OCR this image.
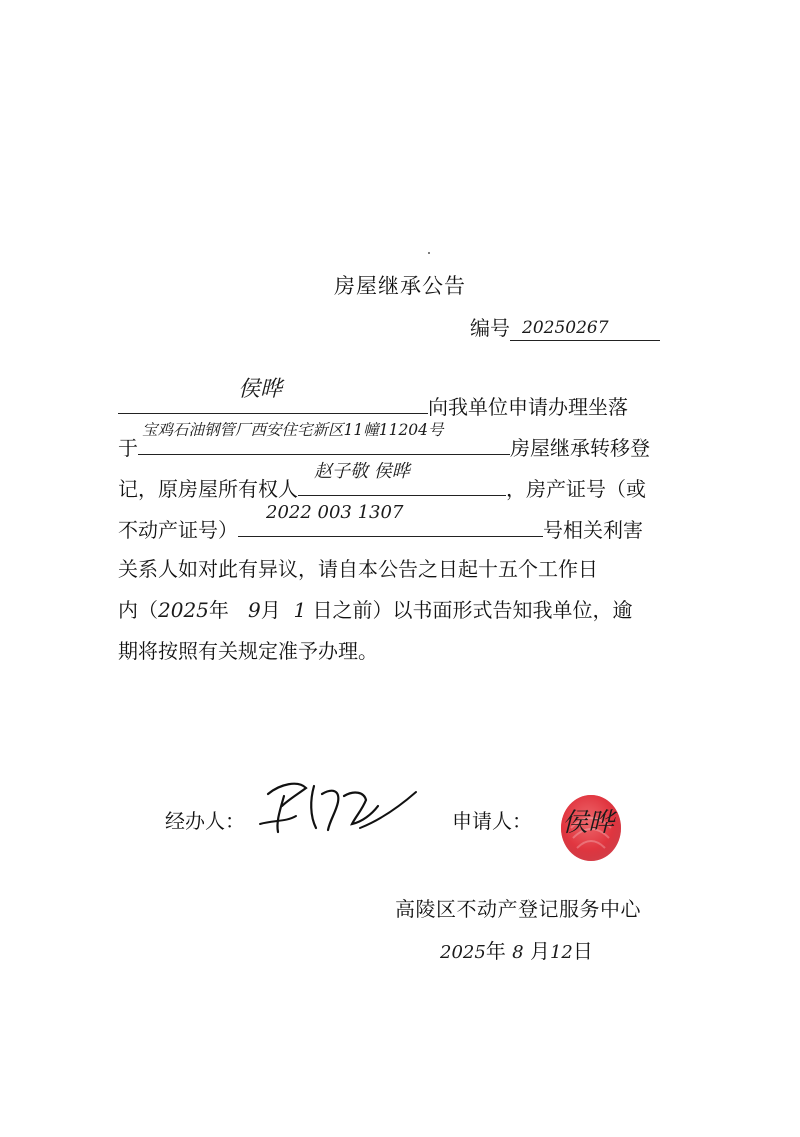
房屋继承公告
编号 20250267
侯晔
向我单位申请办理坐落
于
宝鸡石油钢管厂西安住宅新区11幢11204号
房屋继承转移登
记，原房屋所有权人
赵子敬 侯晔
，房产证号（或
不动产证号）
2022 003 1307
号相关利害
关系人如对此有异议，请自本公告之日起十五个工作日
内（2025年 9月 1 日之前）以书面形式告知我单位，逾
期将按照有关规定准予办理。
经办人：	申请人： 侯晔
高陵区不动产登记服务中心
2025年 8 月12日
